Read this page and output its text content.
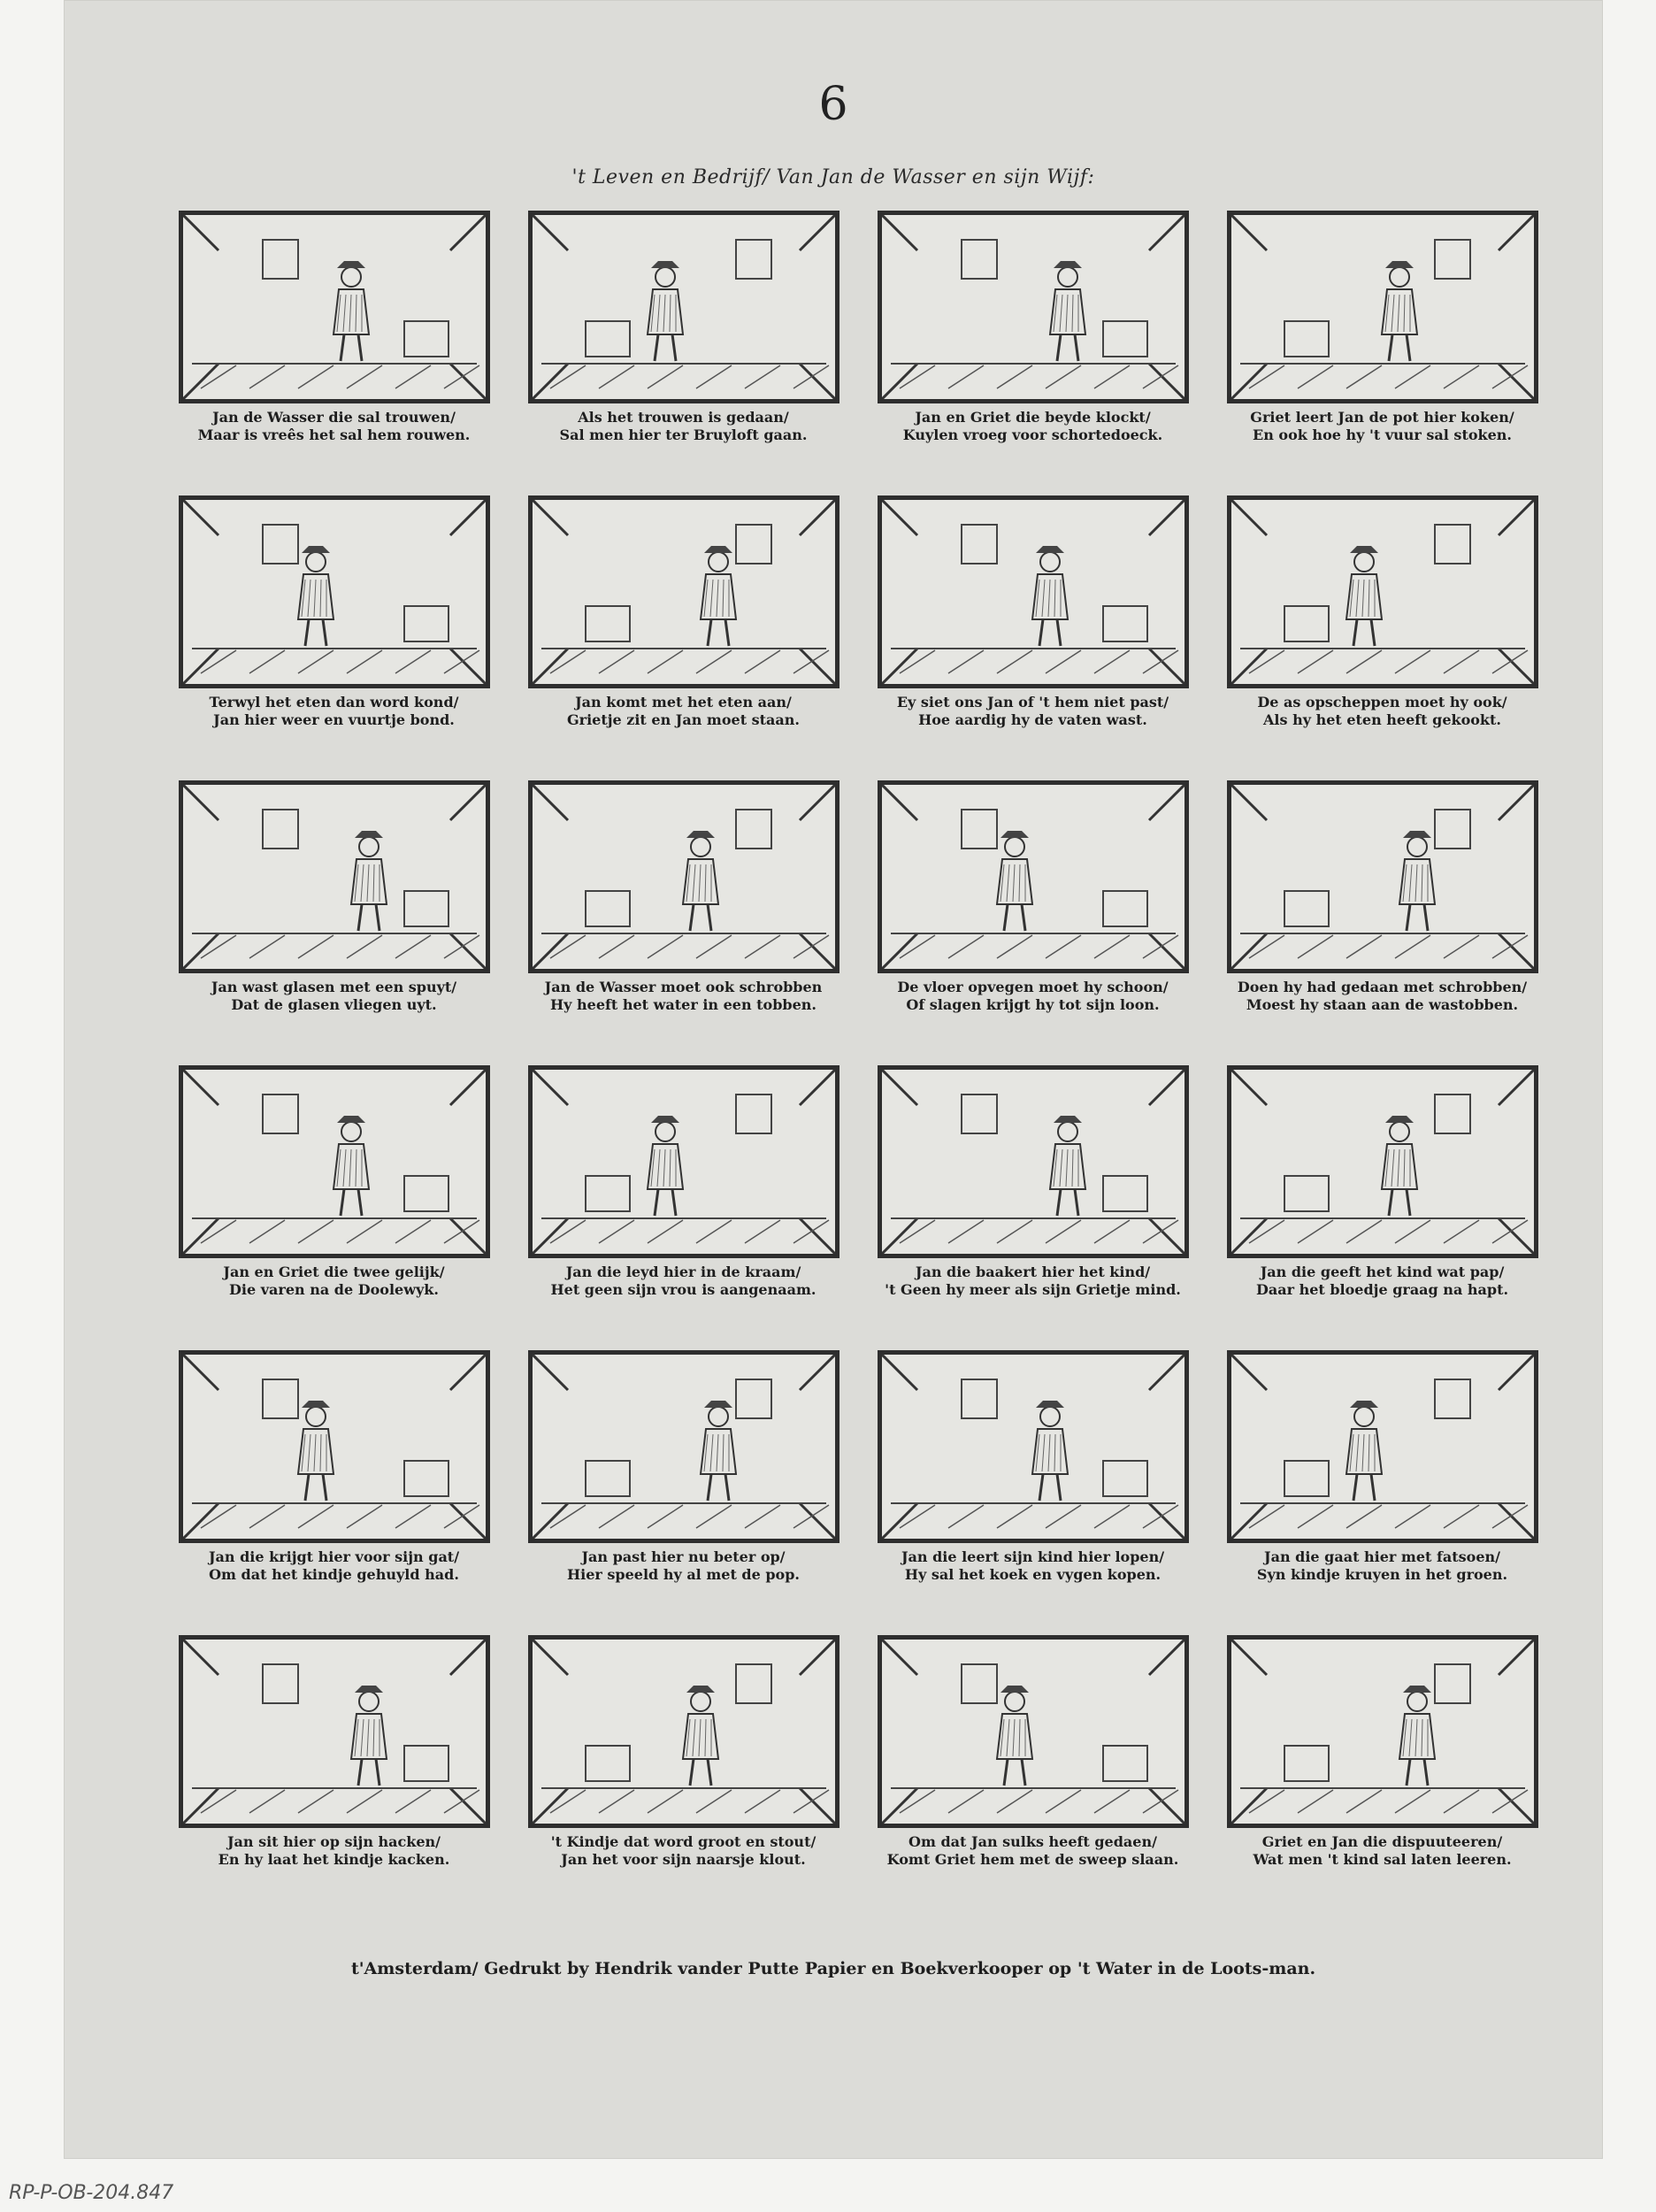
6
't Leven en Bedrijf/ Van Jan de Wasser en sijn Wijf:
Jan de Wasser die sal trouwen/
Maar is vreês het sal hem rouwen.
Als het trouwen is gedaan/
Sal men hier ter Bruyloft gaan.
Jan en Griet die beyde klockt/
Kuylen vroeg voor schortedoeck.
Griet leert Jan de pot hier koken/
En ook hoe hy 't vuur sal stoken.
Terwyl het eten dan word kond/
Jan hier weer en vuurtje bond.
Jan komt met het eten aan/
Grietje zit en Jan moet staan.
Ey siet ons Jan of 't hem niet past/
Hoe aardig hy de vaten wast.
De as opscheppen moet hy ook/
Als hy het eten heeft gekookt.
Jan wast glasen met een spuyt/
Dat de glasen vliegen uyt.
Jan de Wasser moet ook schrobben
Hy heeft het water in een tobben.
De vloer opvegen moet hy schoon/
Of slagen krijgt hy tot sijn loon.
Doen hy had gedaan met schrobben/
Moest hy staan aan de wastobben.
Jan en Griet die twee gelijk/
Die varen na de Doolewyk.
Jan die leyd hier in de kraam/
Het geen sijn vrou is aangenaam.
Jan die baakert hier het kind/
't Geen hy meer als sijn Grietje mind.
Jan die geeft het kind wat pap/
Daar het bloedje graag na hapt.
Jan die krijgt hier voor sijn gat/
Om dat het kindje gehuyld had.
Jan past hier nu beter op/
Hier speeld hy al met de pop.
Jan die leert sijn kind hier lopen/
Hy sal het koek en vygen kopen.
Jan die gaat hier met fatsoen/
Syn kindje kruyen in het groen.
Jan sit hier op sijn hacken/
En hy laat het kindje kacken.
't Kindje dat word groot en stout/
Jan het voor sijn naarsje klout.
Om dat Jan sulks heeft gedaen/
Komt Griet hem met de sweep slaan.
Griet en Jan die dispuuteeren/
Wat men 't kind sal laten leeren.
t'Amsterdam/ Gedrukt by Hendrik vander Putte Papier en Boekverkooper op 't Water in de Loots-man.
RP-P-OB-204.847
